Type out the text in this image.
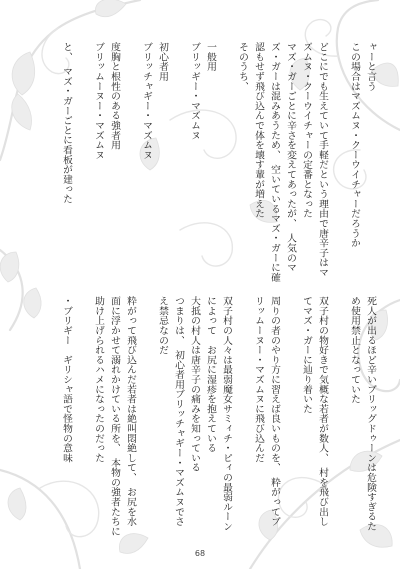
ャーと言う
この場合はマズムヌ・クーウイチャーだろうか
どこにでも生えていて手軽だという理由で唐辛子はマ
ズムヌ・クーウイチャーの定番となった
マズ・ガーごとに辛さを変えてあったが、　人気のマ
ズ・ガーは混みあうため、　空いているマズ・ガーに確
認もせず飛び込んで体を壊す輩が増えた
そのうち、
一般用
ブリッギー・マズムヌ
初心者用
ブリッチャギー・マズムヌ
度胸と根性のある強者用
ブリッムーヌー・マズムヌ
と、　マズ・ガーごとに看板が建った
死人が出るほど辛いブリッグドゥーンは危険すぎるた
め使用禁止となっていた
双子村の物好きで気概な若者が数人、　村を飛び出し
てマズ・ガーに辿り着いた
周りの者のやり方に習えば良いものを、　粋がってブ
リッムーヌー・マズムヌに飛び込んだ
双子村の人々は最弱魔女サミィチ・ピィの最弱ルーン
によって　お尻に湿疹を抱えている
大抵の村人は唐辛子の痛みを知っている
つまりは、　初心者用ブリッチャギー・マズムヌでさ
え禁忌なのだ
粋がって飛び込んだ若者は絶叫悶絶して、　お尻を水
面に浮かせて溺れかけている所を、　本物の強者たちに
助け上げられるハメになったのだった
・ブリギー　ギリシャ語で怪物の意味
68
